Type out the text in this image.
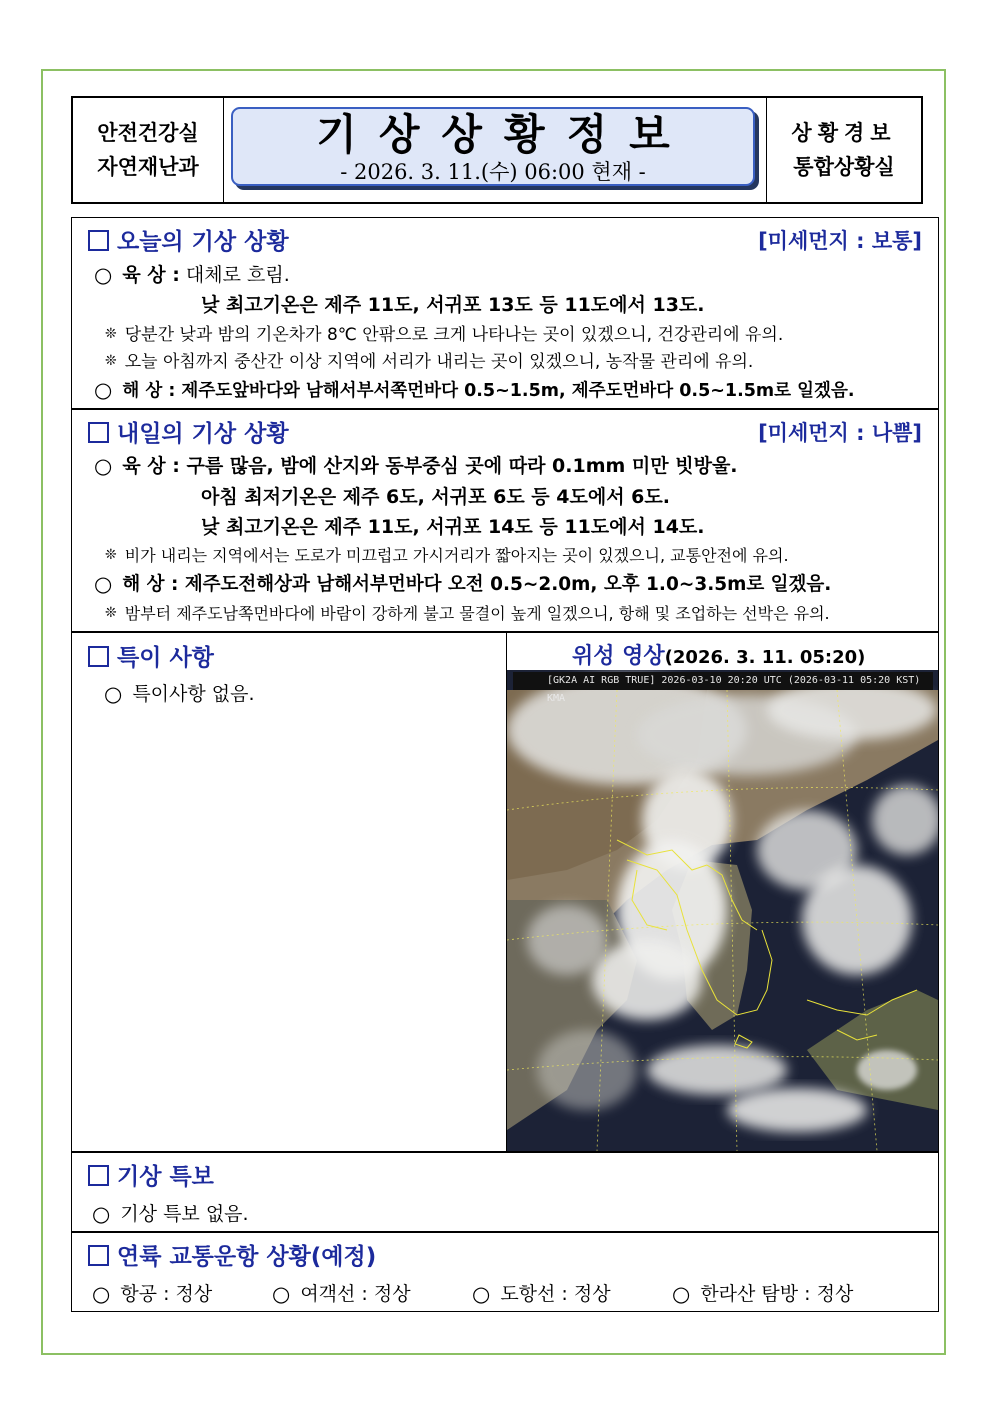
안전건강실
자연재난과
기상상황정보
- 2026. 3. 11.(수) 06:00 현재 -
상황경보
통합상황실
오늘의 기상 상황	[미세먼지 : 보통]
○ 육 상 : 대체로 흐림.
낮 최고기온은 제주 11도, 서귀포 13도 등 11도에서 13도.
❊ 당분간 낮과 밤의 기온차가 8℃ 안팎으로 크게 나타나는 곳이 있겠으니, 건강관리에 유의.
❊ 오늘 아침까지 중산간 이상 지역에 서리가 내리는 곳이 있겠으니, 농작물 관리에 유의.
○ 해 상 : 제주도앞바다와 남해서부서쪽먼바다 0.5~1.5m, 제주도먼바다 0.5~1.5m로 일겠음.
내일의 기상 상황	[미세먼지 : 나쁨]
○ 육 상 : 구름 많음, 밤에 산지와 동부중심 곳에 따라 0.1mm 미만 빗방울.
아침 최저기온은 제주 6도, 서귀포 6도 등 4도에서 6도.
낮 최고기온은 제주 11도, 서귀포 14도 등 11도에서 14도.
❊ 비가 내리는 지역에서는 도로가 미끄럽고 가시거리가 짧아지는 곳이 있겠으니, 교통안전에 유의.
○ 해 상 : 제주도전해상과 남해서부먼바다 오전 0.5~2.0m, 오후 1.0~3.5m로 일겠음.
❊ 밤부터 제주도남쪽먼바다에 바람이 강하게 불고 물결이 높게 일겠으니, 항해 및 조업하는 선박은 유의.
특이 사항
○ 특이사항 없음.
위성 영상(2026. 3. 11. 05:20)
[GK2A AI RGB TRUE] 2026-03-10 20:20 UTC (2026-03-11 05:20 KST) KMA
기상 특보
○ 기상 특보 없음.
연륙 교통운항 상황(예정)
○ 항공 : 정상	○ 여객선 : 정상	○ 도항선 : 정상	○ 한라산 탐방 : 정상
